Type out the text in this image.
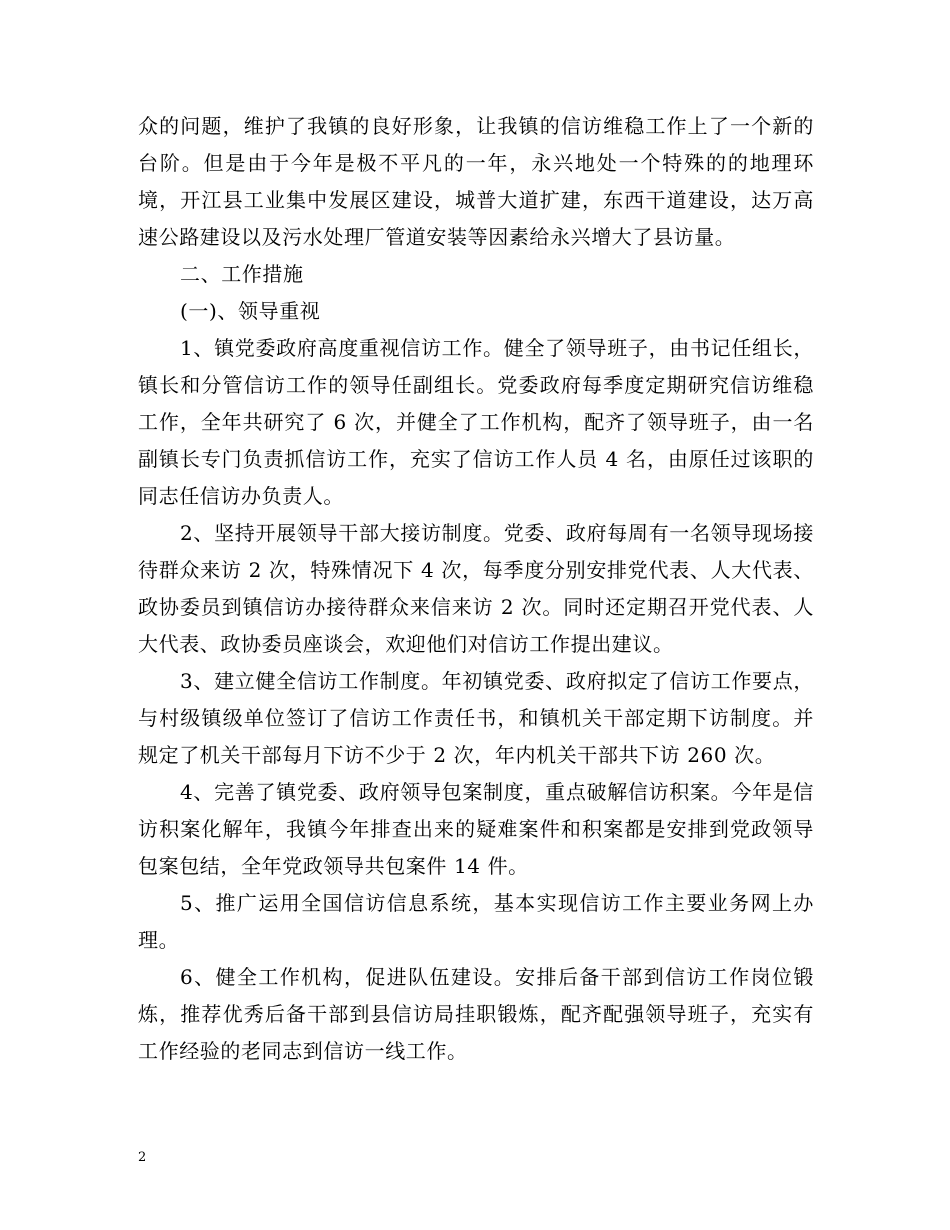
众的问题，维护了我镇的良好形象，让我镇的信访维稳工作上了一个新的台阶。但是由于今年是极不平凡的一年，永兴地处一个特殊的的地理环境，开江县工业集中发展区建设，城普大道扩建，东西干道建设，达万高速公路建设以及污水处理厂管道安装等因素给永兴增大了县访量。

二、工作措施

(一)、领导重视

1、镇党委政府高度重视信访工作。健全了领导班子，由书记任组长，镇长和分管信访工作的领导任副组长。党委政府每季度定期研究信访维稳工作，全年共研究了 6 次，并健全了工作机构，配齐了领导班子，由一名副镇长专门负责抓信访工作，充实了信访工作人员 4 名，由原任过该职的同志任信访办负责人。

2、坚持开展领导干部大接访制度。党委、政府每周有一名领导现场接待群众来访 2 次，特殊情况下 4 次，每季度分别安排党代表、人大代表、政协委员到镇信访办接待群众来信来访 2 次。同时还定期召开党代表、人大代表、政协委员座谈会，欢迎他们对信访工作提出建议。

3、建立健全信访工作制度。年初镇党委、政府拟定了信访工作要点，与村级镇级单位签订了信访工作责任书，和镇机关干部定期下访制度。并规定了机关干部每月下访不少于 2 次，年内机关干部共下访 260 次。

4、完善了镇党委、政府领导包案制度，重点破解信访积案。今年是信访积案化解年，我镇今年排查出来的疑难案件和积案都是安排到党政领导包案包结，全年党政领导共包案件 14 件。

5、推广运用全国信访信息系统，基本实现信访工作主要业务网上办理。

6、健全工作机构，促进队伍建设。安排后备干部到信访工作岗位锻炼，推荐优秀后备干部到县信访局挂职锻炼，配齐配强领导班子，充实有工作经验的老同志到信访一线工作。

2
